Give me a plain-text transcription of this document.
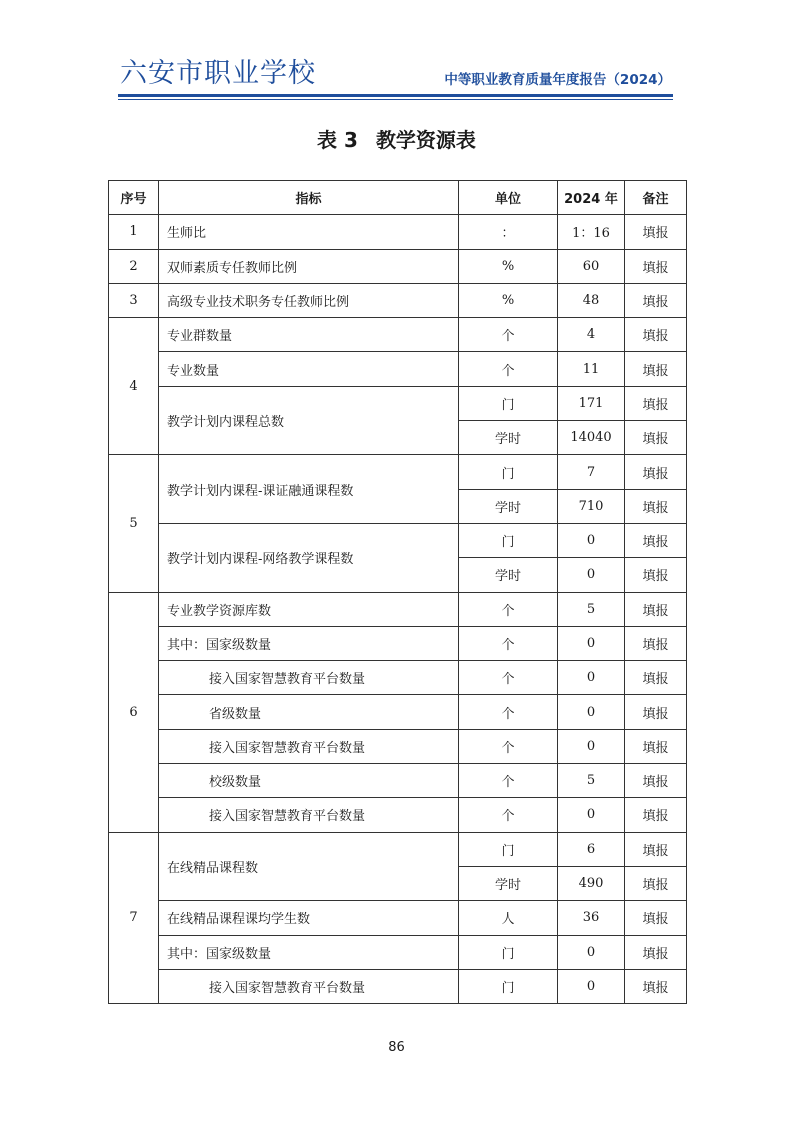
六安市职业学校	中等职业教育质量年度报告（2024）
表 3 教学资源表
序号	指标	单位	2024 年	备注
1	生师比	：	1：16	填报
2	双师素质专任教师比例	%	60	填报
3	高级专业技术职务专任教师比例	%	48	填报
4	专业群数量	个	4	填报
	专业数量	个	11	填报
	教学计划内课程总数	门	171	填报
		学时	14040	填报
5	教学计划内课程-课证融通课程数	门	7	填报
		学时	710	填报
	教学计划内课程-网络教学课程数	门	0	填报
		学时	0	填报
6	专业教学资源库数	个	5	填报
	其中：国家级数量	个	0	填报
	接入国家智慧教育平台数量	个	0	填报
	省级数量	个	0	填报
	接入国家智慧教育平台数量	个	0	填报
	校级数量	个	5	填报
	接入国家智慧教育平台数量	个	0	填报
7	在线精品课程数	门	6	填报
		学时	490	填报
	在线精品课程课均学生数	人	36	填报
	其中：国家级数量	门	0	填报
	接入国家智慧教育平台数量	门	0	填报
86
